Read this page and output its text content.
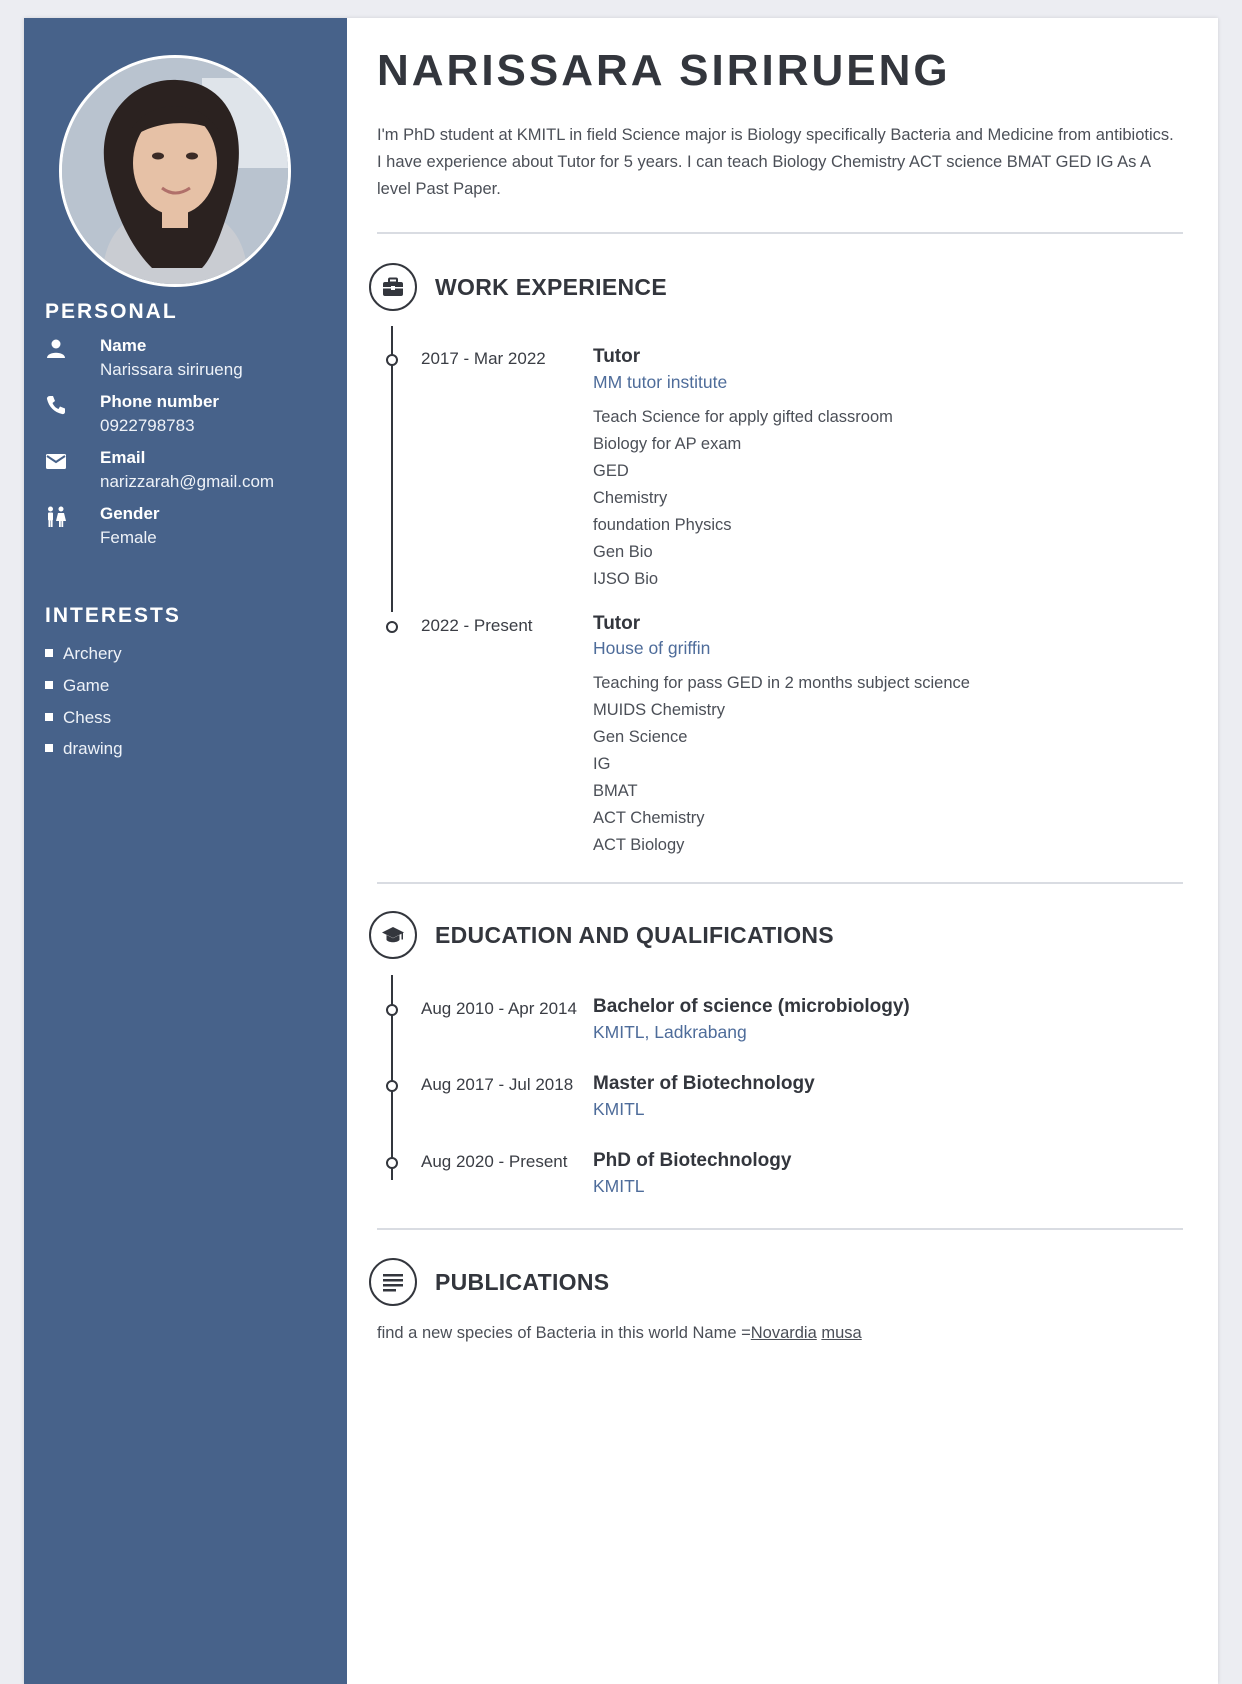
PERSONAL
Name
Narissara sirirueng
Phone number
0922798783
Email
narizzarah@gmail.com
Gender
Female
INTERESTS
Archery
Game
Chess
drawing
NARISSARA SIRIRUENG
I'm PhD student at KMITL in field Science major is Biology specifically Bacteria and Medicine from antibiotics. I have experience about Tutor for 5 years. I can teach Biology Chemistry ACT science BMAT GED IG As A level Past Paper.
WORK EXPERIENCE
2017 - Mar 2022 Tutor
MM tutor institute
Teach Science for apply gifted classroom
Biology for AP exam
GED
Chemistry
foundation Physics
Gen Bio
IJSO Bio
2022 - Present	Tutor
House of griffin
Teaching for pass GED in 2 months subject science
MUIDS Chemistry
Gen Science
IG
BMAT
ACT Chemistry
ACT Biology
EDUCATION AND QUALIFICATIONS
Aug 2010 - Apr 2014 Bachelor of science (microbiology)
KMITL, Ladkrabang
Aug 2017 - Jul 2018 Master of Biotechnology
KMITL
Aug 2020 - Present PhD of Biotechnology
KMITL
PUBLICATIONS
find a new species of Bacteria in this world Name =Novardia musa
